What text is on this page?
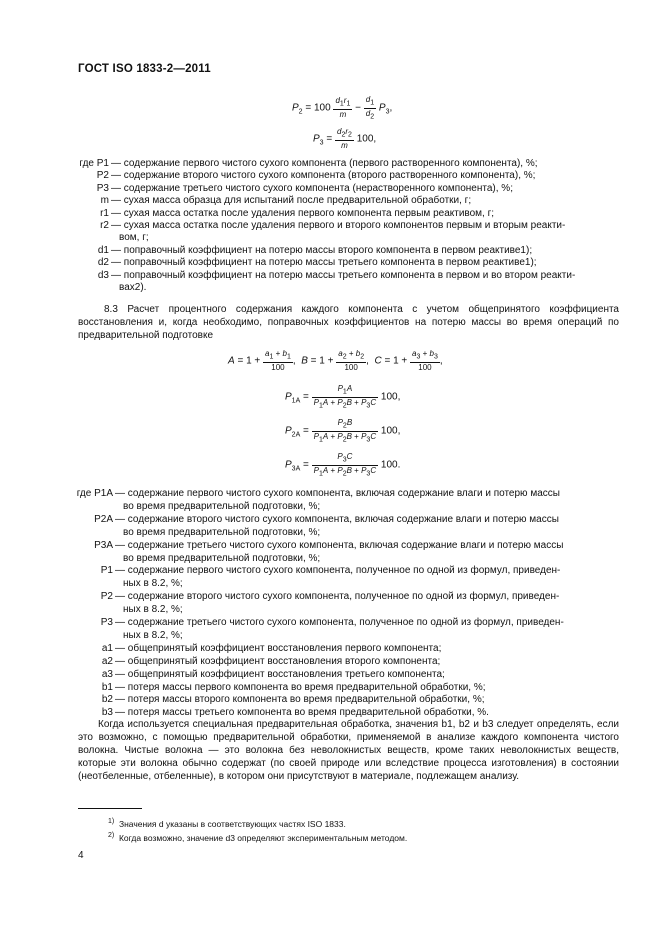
ГОСТ ISO 1833-2—2011
$P_2 = 100 \frac{d_1r_1}{m} - \frac{d_1}{d_2} P_3$,
$P_3 = \frac{d_2r_2}{m} 100$,
где P1 — содержание первого чистого сухого компонента (первого растворенного компонента), %;
P2 — содержание второго чистого сухого компонента (второго растворенного компонента), %;
P3 — содержание третьего чистого сухого компонента (нерастворенного компонента), %;
m — сухая масса образца для испытаний после предварительной обработки, г;
r1 — сухая масса остатка после удаления первого компонента первым реактивом, г;
r2 — сухая масса остатка после удаления первого и второго компонентов первым и вторым реакти-
вом, г;
d1 — поправочный коэффициент на потерю массы второго компонента в первом реактиве1);
d2 — поправочный коэффициент на потерю массы третьего компонента в первом реактиве1);
d3 — поправочный коэффициент на потерю массы третьего компонента в первом и во втором реакти-
вах2).
8.3 Расчет процентного содержания каждого компонента с учетом общепринятого коэффициента восстановления и, когда необходимо, поправочных коэффициентов на потерю массы во время операций по предварительной подготовке
$A = 1 + \frac{a_1 + b_1}{100}$ ,  $B = 1 + \frac{a_2 + b_2}{100}$ ,  $C = 1 + \frac{a_3 + b_3}{100}$ ,
$P_{1A} = \frac{P_1A}{P_1A + P_2B + P_3C} 100$,
$P_{2A} = \frac{P_2B}{P_1A + P_2B + P_3C} 100$,
$P_{3A} = \frac{P_3C}{P_1A + P_2B + P_3C} 100$.
где P1A — содержание первого чистого сухого компонента, включая содержание влаги и потерю массы
во время предварительной подготовки, %;
P2A — содержание второго чистого сухого компонента, включая содержание влаги и потерю массы
во время предварительной подготовки, %;
P3A — содержание третьего чистого сухого компонента, включая содержание влаги и потерю массы
во время предварительной подготовки, %;
P1 — содержание первого чистого сухого компонента, полученное по одной из формул, приведен-
ных в 8.2, %;
P2 — содержание второго чистого сухого компонента, полученное по одной из формул, приведен-
ных в 8.2, %;
P3 — содержание третьего чистого сухого компонента, полученное по одной из формул, приведен-
ных в 8.2, %;
a1 — общепринятый коэффициент восстановления первого компонента;
a2 — общепринятый коэффициент восстановления второго компонента;
a3 — общепринятый коэффициент восстановления третьего компонента;
b1 — потеря массы первого компонента во время предварительной обработки, %;
b2 — потеря массы второго компонента во время предварительной обработки, %;
b3 — потеря массы третьего компонента во время предварительной обработки, %.
Когда используется специальная предварительная обработка, значения b1, b2 и b3 следует определять, если это возможно, с помощью предварительной обработки, применяемой в анализе каждого компонента чистого волокна. Чистые волокна — это волокна без неволокнистых веществ, кроме таких неволокнистых веществ, которые эти волокна обычно содержат (по своей природе или вследствие процесса изготовления) в состоянии (неотбеленные, отбеленные), в котором они присутствуют в материале, подлежащем анализу.
$^{1)}$ Значения d указаны в соответствующих частях ISO 1833.
$^{2)}$ Когда возможно, значение d3 определяют экспериментальным методом.
4
